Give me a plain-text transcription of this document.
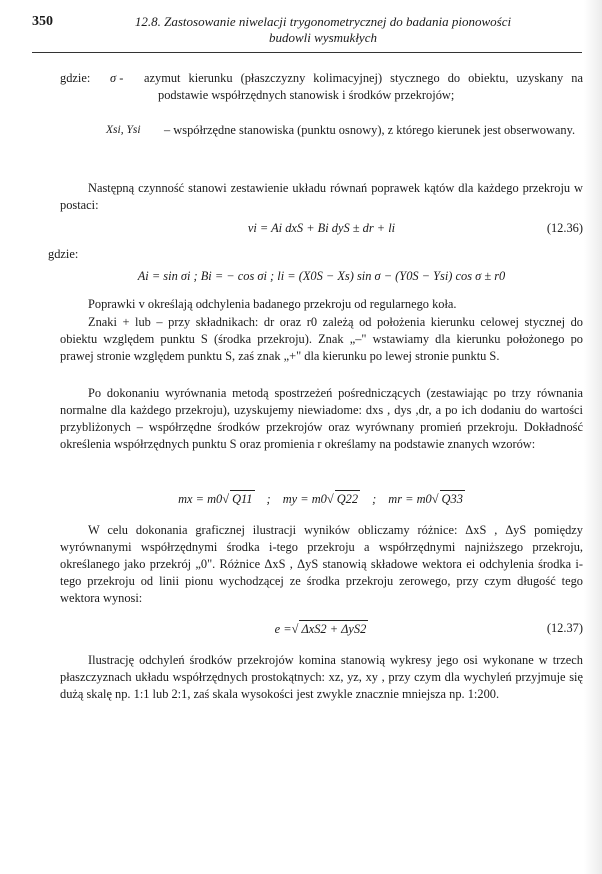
350	12.8. Zastosowanie niwelacji trygonometrycznej do badania pionowości
budowli wysmukłych
gdzie: σ - azymut kierunku (płaszczyzny kolimacyjnej) stycznego do obiektu, uzyskany na podstawie współrzędnych stanowisk i środków przekrojów;

Xsi, Ysi – współrzędne stanowiska (punktu osnowy), z którego kierunek jest obserwowany.

Następną czynność stanowi zestawienie układu równań poprawek kątów dla każdego przekroju w postaci:

vi = Ai dxS + Bi dyS ± dr + li	(12.36)

gdzie:

Ai = sin σi ; Bi = − cos σi ; li = (X0S − Xs) sin σ − (Y0S − Ysi) cos σ ± r0

Poprawki v określają odchylenia badanego przekroju od regularnego koła.

Znaki + lub – przy składnikach: dr oraz r0 zależą od położenia kierunku celowej stycznej do obiektu względem punktu S (środka przekroju). Znak „–" wstawiamy dla kierunku położonego po prawej stronie względem punktu S, zaś znak „+" dla kierunku po lewej stronie punktu S.

Po dokonaniu wyrównania metodą spostrzeżeń pośredniczących (zestawiając po trzy równania normalne dla każdego przekroju), uzyskujemy niewiadome: dxs , dys ,dr, a po ich dodaniu do wartości przybliżonych – współrzędne środków przekrojów oraz wyrównany promień przekroju. Dokładność określenia współrzędnych punktu S oraz promienia r określamy na podstawie znanych wzorów:

mx = m0√ Q11 ; my = m0√ Q22 ; mr = m0√ Q33

W celu dokonania graficznej ilustracji wyników obliczamy różnice: ΔxS , ΔyS pomiędzy wyrównanymi współrzędnymi środka i-tego przekroju a współrzędnymi najniższego przekroju, określanego jako przekrój „0". Różnice ΔxS , ΔyS stanowią składowe wektora ei odchylenia środka i-tego przekroju od linii pionu wychodzącej ze środka przekroju zerowego, przy czym długość tego wektora wynosi:

e =√ ΔxS2 + ΔyS2	(12.37)

Ilustrację odchyleń środków przekrojów komina stanowią wykresy jego osi wykonane w trzech płaszczyznach układu współrzędnych prostokątnych: xz, yz, xy , przy czym dla wychyleń przyjmuje się dużą skalę np. 1:1 lub 2:1, zaś skala wysokości jest zwykle znacznie mniejsza np. 1:200.
